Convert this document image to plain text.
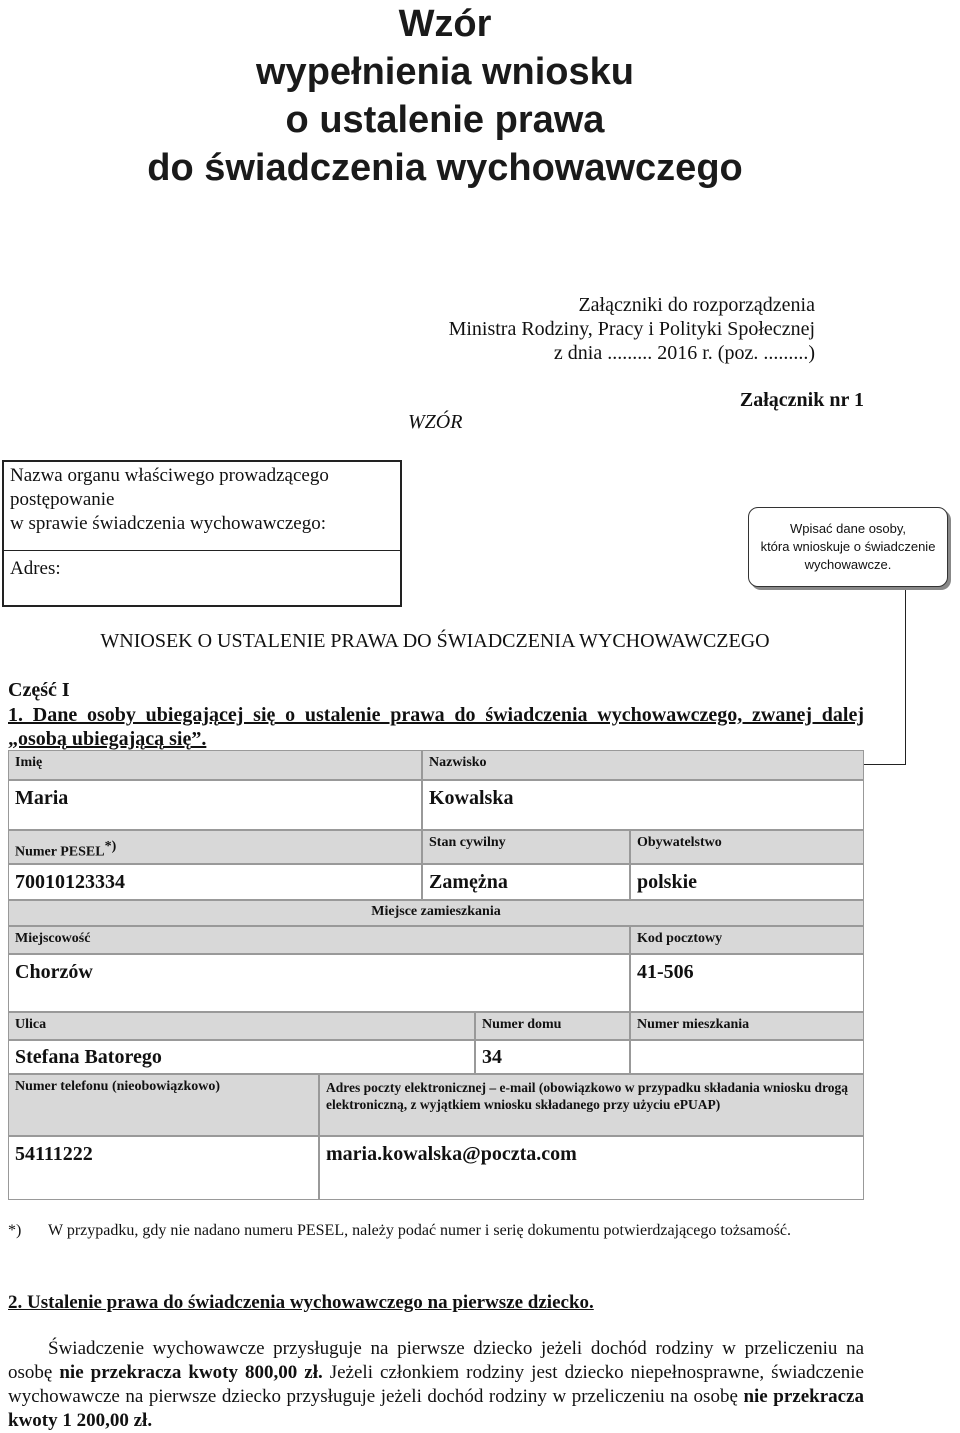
Wzór
wypełnienia wniosku
o ustalenie prawa
do świadczenia wychowawczego
Załączniki do rozporządzenia
Ministra Rodziny, Pracy i Polityki Społecznej
z dnia ......... 2016 r. (poz. .........)
WZÓR
Załącznik nr 1
Nazwa organu właściwego prowadzącego
postępowanie
w sprawie świadczenia wychowawczego:
Adres:
Wpisać dane osoby,
która wnioskuje o świadczenie
wychowawcze.
WNIOSEK O USTALENIE PRAWA DO ŚWIADCZENIA WYCHOWAWCZEGO
Część I
1. Dane osoby ubiegającej się o ustalenie prawa do świadczenia wychowawczego, zwanej dalej „osobą ubiegającą się”.
Imię	Nazwisko
Maria	Kowalska
Numer PESEL*)	Stan cywilny	Obywatelstwo
70010123334	Zamężna	polskie
Miejsce zamieszkania
Miejscowość	Kod pocztowy
Chorzów	41-506
Ulica	Numer domu	Numer mieszkania
Stefana Batorego	34
Numer telefonu (nieobowiązkowo)	Adres poczty elektronicznej – e-mail (obowiązkowo w przypadku składania wniosku drogą elektroniczną, z wyjątkiem wniosku składanego przy użyciu ePUAP)
54111222	maria.kowalska@poczta.com
*) W przypadku, gdy nie nadano numeru PESEL, należy podać numer i serię dokumentu potwierdzającego tożsamość.
2. Ustalenie prawa do świadczenia wychowawczego na pierwsze dziecko.
Świadczenie wychowawcze przysługuje na pierwsze dziecko jeżeli dochód rodziny w przeliczeniu na osobę nie przekracza kwoty 800,00 zł. Jeżeli członkiem rodziny jest dziecko niepełnosprawne, świadczenie wychowawcze na pierwsze dziecko przysługuje jeżeli dochód rodziny w przeliczeniu na osobę nie przekracza kwoty 1 200,00 zł.
